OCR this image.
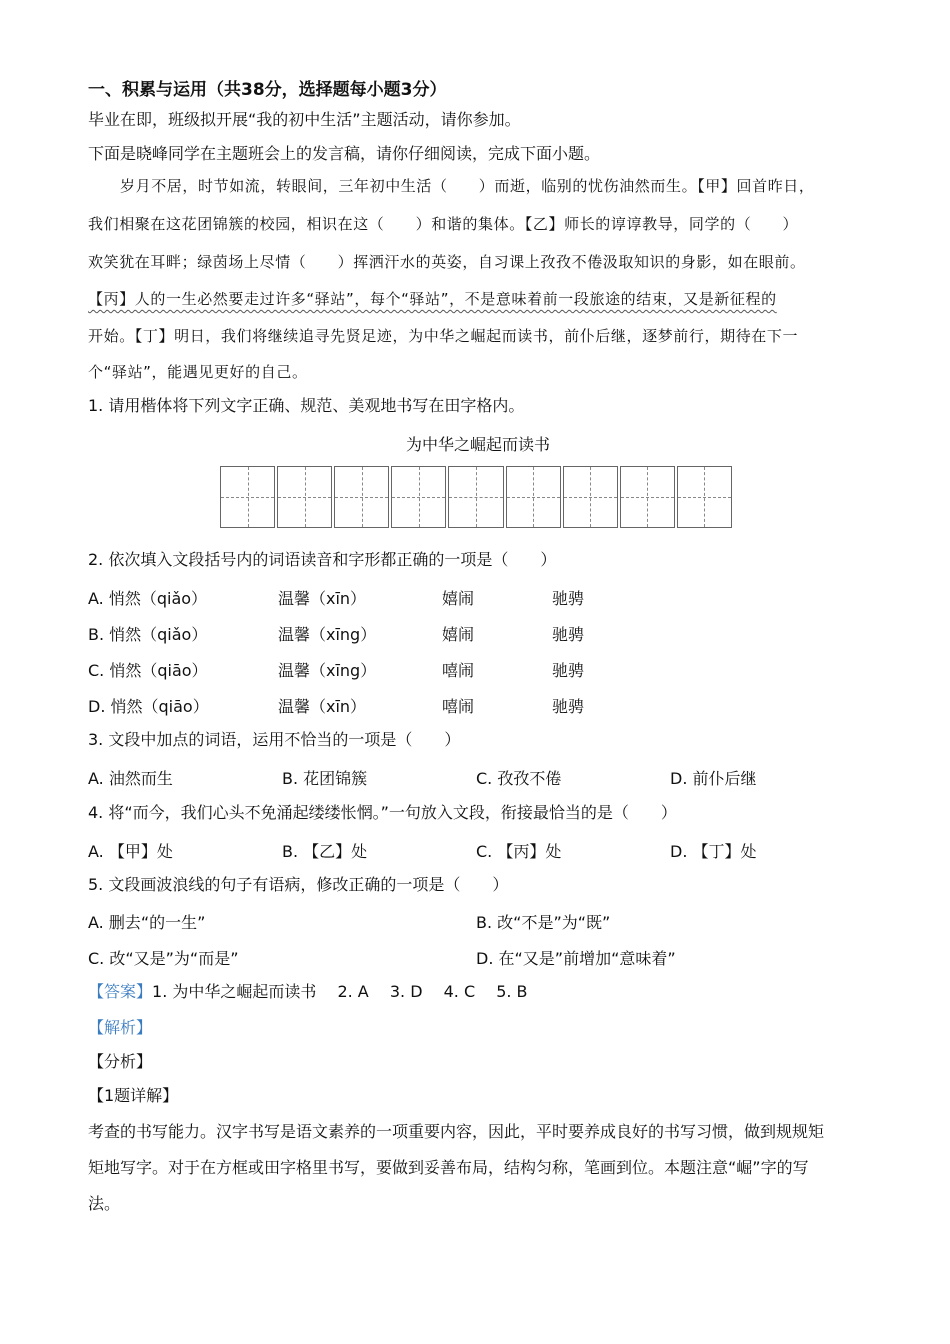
一、积累与运用（共38分，选择题每小题3分）
毕业在即，班级拟开展“我的初中生活”主题活动，请你参加。
下面是晓峰同学在主题班会上的发言稿，请你仔细阅读，完成下面小题。
岁月不居，时节如流，转眼间，三年初中生活（　　）而逝，临别的忧伤油然而生。【甲】回首昨日，
我们相聚在这花团锦簇的校园，相识在这（　　）和谐的集体。【乙】师长的谆谆教导，同学的（　　）
欢笑犹在耳畔；绿茵场上尽情（　　）挥洒汗水的英姿，自习课上孜孜不倦汲取知识的身影，如在眼前。
【丙】人的一生必然要走过许多“驿站”，每个“驿站”，不是意味着前一段旅途的结束，又是新征程的
开始。【丁】明日，我们将继续追寻先贤足迹，为中华之崛起而读书，前仆后继，逐梦前行，期待在下一
个“驿站”，能遇见更好的自己。
1. 请用楷体将下列文字正确、规范、美观地书写在田字格内。
为中华之崛起而读书
2. 依次填入文段括号内的词语读音和字形都正确的一项是（　　）
A. 悄然（qiǎo）	温馨（xīn）	嬉闹	驰骋
B. 悄然（qiǎo）	温馨（xīng）	嬉闹	驰骋
C. 悄然（qiāo）	温馨（xīng）	嘻闹	驰骋
D. 悄然（qiāo）	温馨（xīn）	嘻闹	驰骋
3. 文段中加点的词语，运用不恰当的一项是（　　）
A. 油然而生	B. 花团锦簇	C. 孜孜不倦	D. 前仆后继
4. 将“而今，我们心头不免涌起缕缕怅惘。”一句放入文段，衔接最恰当的是（　　）
A. 【甲】处	B. 【乙】处	C. 【丙】处	D. 【丁】处
5. 文段画波浪线的句子有语病，修改正确的一项是（　　）
A. 删去“的一生”	B. 改“不是”为“既”
C. 改“又是”为“而是”	D. 在“又是”前增加“意味着”
【答案】1. 为中华之崛起而读书　 2. A　 3. D　 4. C　 5. B
【解析】
【分析】
【1题详解】
考查的书写能力。汉字书写是语文素养的一项重要内容，因此，平时要养成良好的书写习惯，做到规规矩
矩地写字。对于在方框或田字格里书写，要做到妥善布局，结构匀称，笔画到位。本题注意“崛”字的写
法。
